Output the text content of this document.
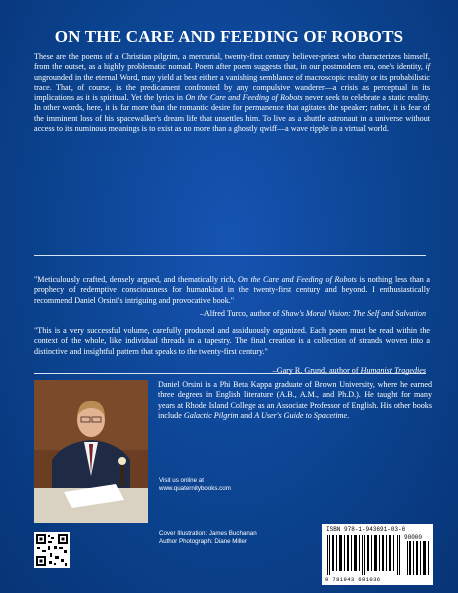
ON THE CARE AND FEEDING OF ROBOTS

These are the poems of a Christian pilgrim, a mercurial, twenty-first century believer-priest who characterizes himself, from the outset, as a highly problematic nomad. Poem after poem suggests that, in our postmodern era, one's identity, if ungrounded in the eternal Word, may yield at best either a vanishing semblance of macroscopic reality or its probabilistic trace. That, of course, is the predicament confronted by any compulsive wanderer—a crisis as perceptual in its implications as it is spiritual. Yet the lyrics in On the Care and Feeding of Robots never seek to celebrate a static reality. In other words, here, it is far more than the romantic desire for permanence that agitates the speaker; rather, it is fear of the imminent loss of his spacewalker's dream life that unsettles him. To live as a shuttle astronaut in a universe without access to its numinous meanings is to exist as no more than a ghostly qwiff—a wave ripple in a virtual world.

"Meticulously crafted, densely argued, and thematically rich, On the Care and Feeding of Robots is nothing less than a prophecy of redemptive consciousness for humankind in the twenty-first century and beyond. I enthusiastically recommend Daniel Orsini's intriguing and provocative book."

–Alfred Turco, author of Shaw's Moral Vision: The Self and Salvation

"This is a very successful volume, carefully produced and assiduously organized. Each poem must be read within the context of the whole, like individual threads in a tapestry. The final creation is a collection of strands woven into a distinctive and insightful pattern that speaks to the twenty-first century."

–Gary R. Grund, author of Humanist Tragedies

Daniel Orsini is a Phi Beta Kappa graduate of Brown University, where he earned three degrees in English literature (A.B., A.M., and Ph.D.). He taught for many years at Rhode Island College as an Associate Professor of English. His other books include Galactic Pilgrim and A User's Guide to Spacetime.

Visit us online at
www.quaternitybooks.com
Cover Illustration: James Buchanan
Author Photograph: Diane Miller
ISBN 978-1-943691-03-6
90000
9 781943 691036
